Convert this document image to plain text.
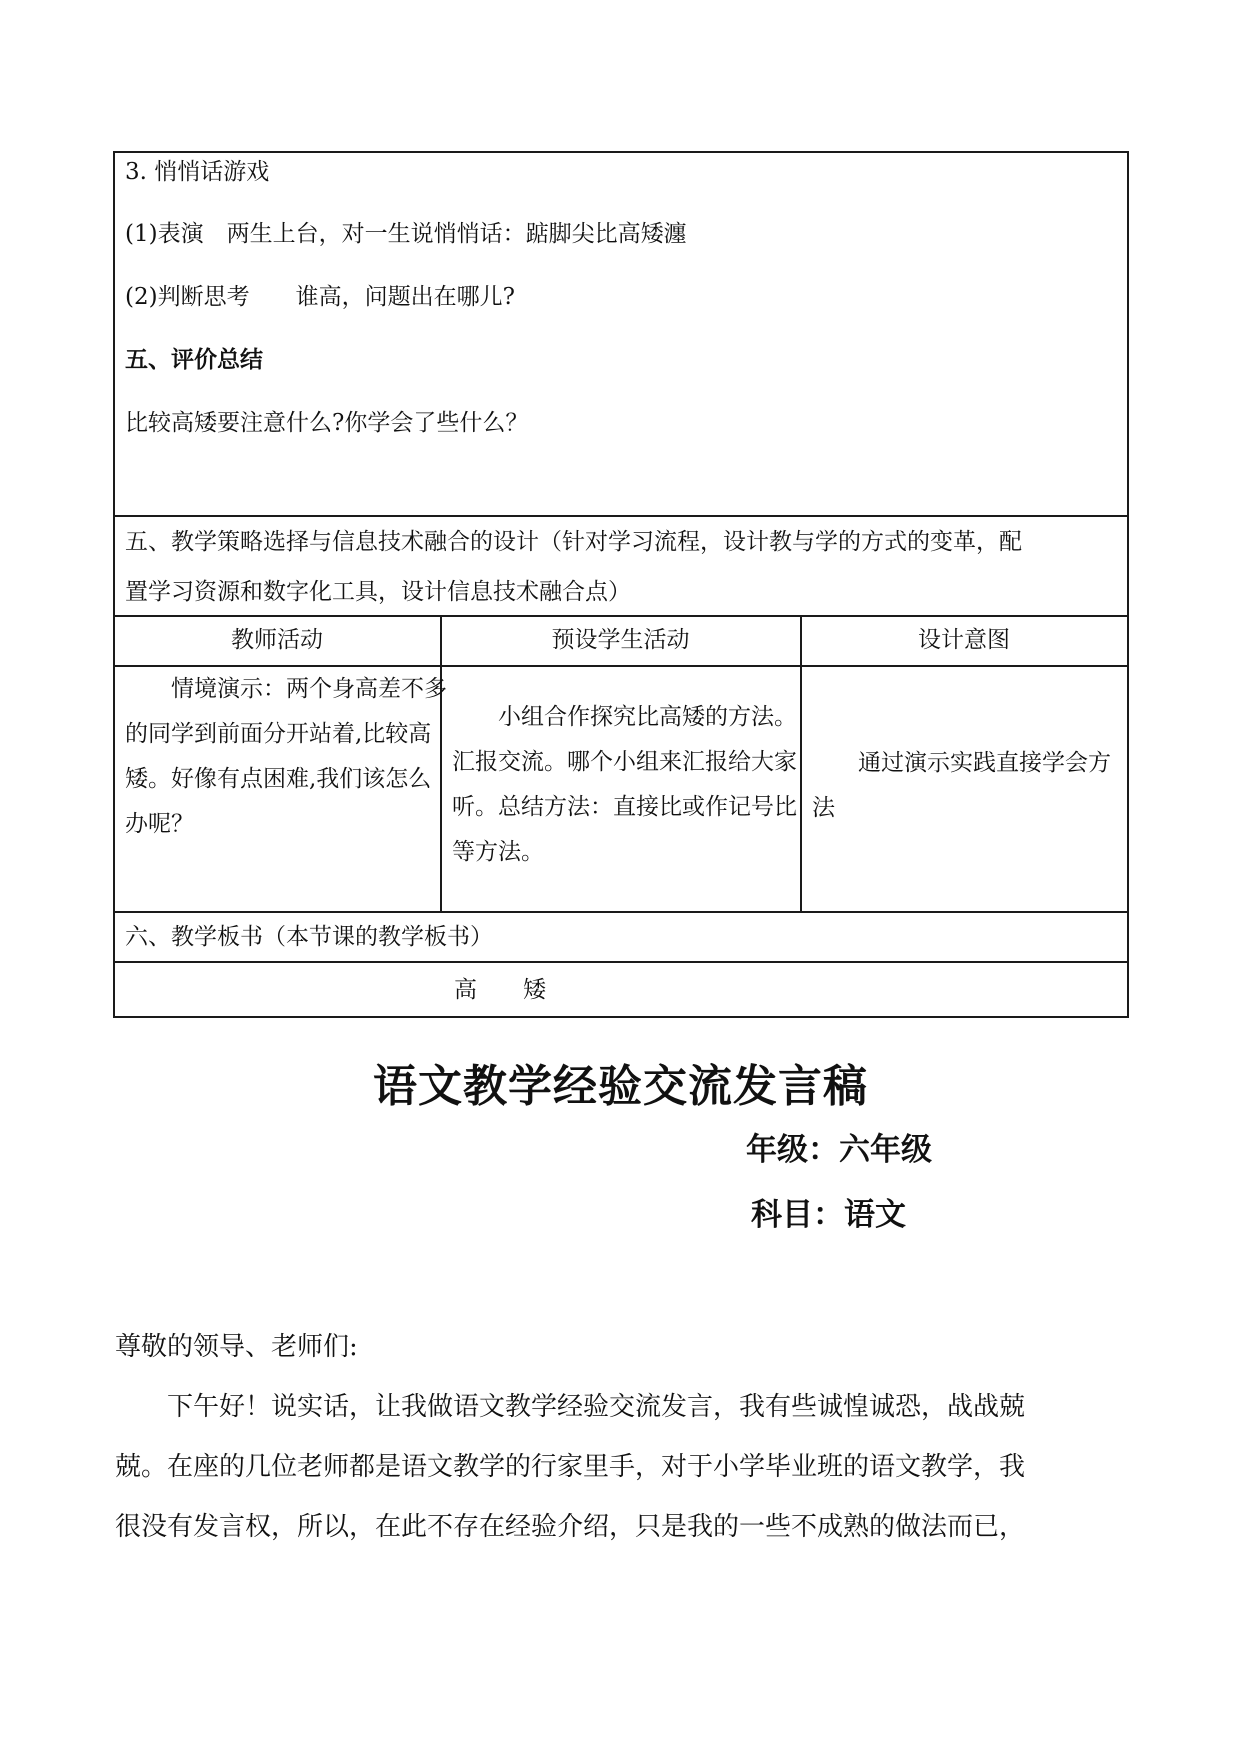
3. 悄悄话游戏
(1)表演　两生上台，对一生说悄悄话：踮脚尖比高矮瀍
(2)判断思考　　谁高，问题出在哪儿?
五、评价总结
比较高矮要注意什么?你学会了些什么？
五、教学策略选择与信息技术融合的设计（针对学习流程，设计教与学的方式的变革，配
置学习资源和数字化工具，设计信息技术融合点）
教师活动	预设学生活动	设计意图
　　情境演示：两个身高差不多的同学到前面分开站着,比较高矮。好像有点困难,我们该怎么办呢？
　　小组合作探究比高矮的方法。汇报交流。哪个小组来汇报给大家听。总结方法：直接比或作记号比等方法。
　　通过演示实践直接学会方法
六、教学板书（本节课的教学板书）
高　　矮
语文教学经验交流发言稿
年级：六年级
科目：语文
尊敬的领导、老师们:
　　下午好！说实话，让我做语文教学经验交流发言，我有些诚惶诚恐，战战兢
兢。在座的几位老师都是语文教学的行家里手，对于小学毕业班的语文教学，我
很没有发言权，所以，在此不存在经验介绍，只是我的一些不成熟的做法而已，
